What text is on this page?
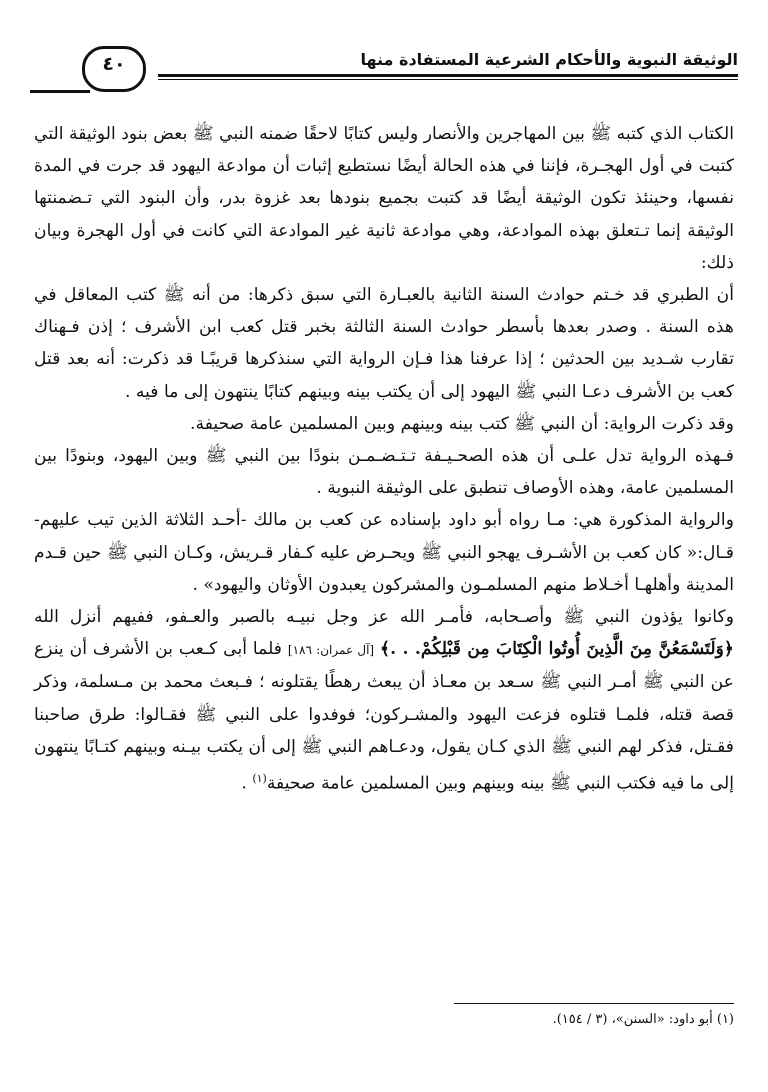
٤٠	الوثيقة النبوية والأحكام الشرعية المستفادة منها

الكتاب الذي كتبه ﷺ بين المهاجرين والأنصار وليس كتابًا لاحقًا ضمنه النبي ﷺ بعض بنود الوثيقة التي كتبت في أول الهجـرة، فإننا في هذه الحالة أيضًا نستطيع إثبات أن موادعة اليهود قد جرت في المدة نفسها، وحينئذ تكون الوثيقة أيضًا قد كتبت بجميع بنودها بعد غزوة بدر، وأن البنود التي تـضمنتها الوثيقة إنما تـتعلق بهذه الموادعة، وهي موادعة ثانية غير الموادعة التي كانت في أول الهجرة وبيان ذلك:

أن الطبري قد خـتم حوادث السنة الثانية بالعبـارة التي سبق ذكرها: من أنه ﷺ كتب المعاقل في هذه السنة . وصدر بعدها بأسطر حوادث السنة الثالثة بخبر قتل كعب ابن الأشرف ؛ إذن فـهناك تقارب شـديد بين الحدثين ؛ إذا عرفنا هذا فـإن الرواية التي سنذكرها قريبًـا قد ذكرت: أنه بعد قتل كعب بن الأشرف دعـا النبي ﷺ اليهود إلى أن يكتب بينه وبينهم كتابًا ينتهون إلى ما فيه .

وقد ذكرت الرواية: أن النبي ﷺ كتب بينه وبينهم وبين المسلمين عامة صحيفة.

فـهذه الرواية تدل علـى أن هذه الصحـيـفة تـتـضـمـن بنودًا بين النبي ﷺ وبين اليهود، وبنودًا بين المسلمين عامة، وهذه الأوصاف تنطبق على الوثيقة النبوية .

والرواية المذكورة هي: مـا رواه أبو داود بإسناده عن كعب بن مالك -أحـد الثلاثة الذين تيب عليهم- قـال:« كان كعب بن الأشـرف يهجو النبي ﷺ ويحـرض عليه كـفار قـريش، وكـان النبي ﷺ حين قـدم المدينة وأهلهـا أخـلاط منهم المسلمـون والمشركون يعبدون الأوثان واليهود» .

وكانوا يؤذون النبي ﷺ وأصـحابه، فأمـر الله عز وجل نبيـه بالصبر والعـفو، ففيهم أنزل الله ﴿وَلَتَسْمَعُنَّ مِنَ الَّذِينَ أُوتُوا الْكِتَابَ مِن قَبْلِكُمْ. . .﴾ [آل عمران: ١٨٦] فلما أبى كـعب بن الأشرف أن ينزع عن النبي ﷺ أمـر النبي ﷺ سـعد بن معـاذ أن يبعث رهطًا يقتلونه ؛ فـبعث محمد بن مـسلمة، وذكر قصة قتله، فلمـا قتلوه فزعت اليهود والمشـركون؛ فوفدوا على النبي ﷺ فقـالوا: طرق صاحبنا فقـتل، فذكر لهم النبي ﷺ الذي كـان يقول، ودعـاهم النبي ﷺ إلى أن يكتب بيـنه وبينهم كتـابًا ينتهون إلى ما فيه فكتب النبي ﷺ بينه وبينهم وبين المسلمين عامة صحيفة$^{(١)}$ .

(١) أبو داود: «السنن»، (٣ / ١٥٤).
